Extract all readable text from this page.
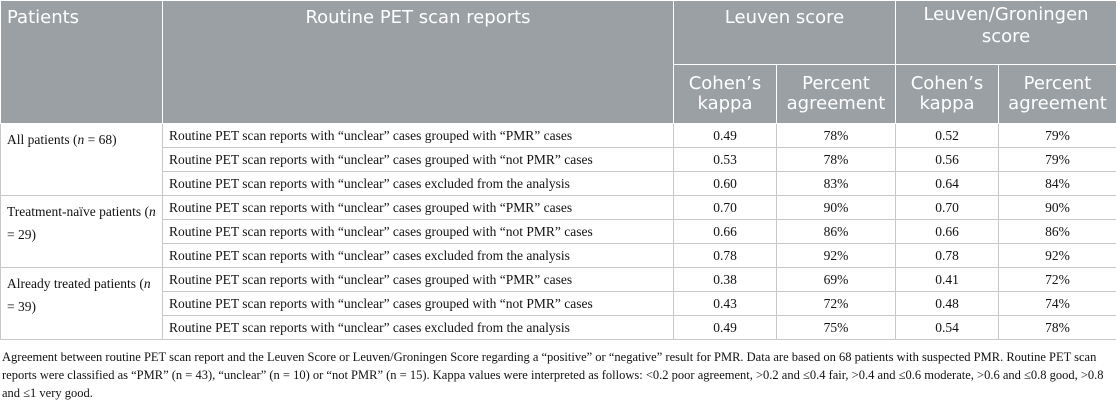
Patients	Routine PET scan reports	Leuven score		Leuven/Groningen score	

		Cohen’s kappa	Percent agreement	Cohen’s kappa	Percent agreement
All patients (n = 68)	Routine PET scan reports with “unclear” cases grouped with “PMR” cases	0.49	78%	0.52	79%
	Routine PET scan reports with “unclear” cases grouped with “not PMR” cases	0.53	78%	0.56	79%
	Routine PET scan reports with “unclear” cases excluded from the analysis	0.60	83%	0.64	84%
Treatment-naïve patients (n = 29)	Routine PET scan reports with “unclear” cases grouped with “PMR” cases	0.70	90%	0.70	90%
	Routine PET scan reports with “unclear” cases grouped with “not PMR” cases	0.66	86%	0.66	86%
	Routine PET scan reports with “unclear” cases excluded from the analysis	0.78	92%	0.78	92%
Already treated patients (n = 39)	Routine PET scan reports with “unclear” cases grouped with “PMR” cases	0.38	69%	0.41	72%
	Routine PET scan reports with “unclear” cases grouped with “not PMR” cases	0.43	72%	0.48	74%
	Routine PET scan reports with “unclear” cases excluded from the analysis	0.49	75%	0.54	78%

Agreement between routine PET scan report and the Leuven Score or Leuven/Groningen Score regarding a “positive” or “negative” result for PMR. Data are based on 68 patients with suspected PMR. Routine PET scan reports were classified as “PMR” (n = 43), “unclear” (n = 10) or “not PMR” (n = 15). Kappa values were interpreted as follows: <0.2 poor agreement, >0.2 and ≤0.4 fair, >0.4 and ≤0.6 moderate, >0.6 and ≤0.8 good, >0.8 and ≤1 very good.
